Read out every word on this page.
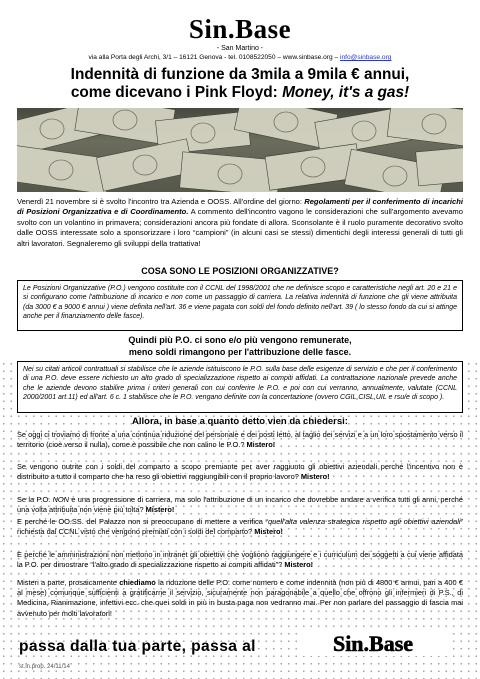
Sin.Base
- San Martino -
via alla Porta degli Archi, 3/1 – 16121 Genova - tel. 0108522050 – www.sinbase.org – info@sinbase.org
Indennità di funzione da 3mila a 9mila € annui,
come dicevano i Pink Floyd: Money, it's a gas!
Venerdì 21 novembre si è svolto l'incontro tra Azienda e OOSS. All'ordine del giorno: Regolamenti per il conferimento di incarichi di Posizioni Organizzativa e di Coordinamento. A commento dell'incontro vagono le considerazioni che sull'argomento avevamo svolto con un volantino in primavera; considerazioni ancora più fondate di allora. Sconsolante è il ruolo puramente decorativo svolto dalle OOSS interessate solo a sponsorizzare i loro “campioni” (in alcuni casi se stessi) dimentichi degli interessi generali di tutti gli altri lavoratori. Segnaleremo gli sviluppi della trattativa!
COSA SONO LE POSIZIONI ORGANIZZATIVE?
Le Posizioni Organizzative (P.O.) vengono costituite con il CCNL del 1998/2001 che ne definisce scopo e caratteristiche negli art. 20 e 21 e si configurano come l'attribuzione di incarico e non come un passaggio di carriera. La relativa indennità di funzione che gli viene attribuita (da 3000 € a 9000 € annui ) viene definita nell'art. 36 e viene pagata con soldi del fondo definito nell'art. 39 ( lo stesso fondo da cui si attinge anche per il finanziamento delle fasce).
Quindi più P.O. ci sono e/o più vengono remunerate,
meno soldi rimangono per l'attribuzione delle fasce.
Nei su citati articoli contrattuali si stabilisce che le aziende istituiscono le P.O. sulla base delle esigenze di servizio e che per il conferimento di una P.O. deve essere richiesto un alto grado di specializzazione rispetto ai compiti affidati. La contrattazione nazionale prevede anche che le aziende devono stabilire prima i criteri generali con cui conferire le P.O. e poi con cui verranno, annualmente, valutate (CCNL 2000/2001 art.11) ed all'art. 6 c. 1 stabilisce che le P.O. vengano definite con la concertazione (ovvero CGIL,CISL,UIL e rsu/e di scopo ).
Allora, in base a quanto detto vien da chiedersi:
Se oggi ci troviamo di fronte a una continua riduzione del personale e dei posti letto, al taglio dei servizi e a un loro spostamento verso il territorio (cioè verso il nulla), come è possibile che non calino le P.O.? Mistero!
Se vengono nutrite con i soldi del comparto a scopo premiante per aver raggiunto gli obiettivi aziendali perché l'incentivo non è distribuito a tutto il comparto che ha reso gli obiettivi raggiungibili con il proprio lavoro? Mistero!
Se la P.O. NON è una progressione di carriera, ma solo l'attribuzione di un incarico che dovrebbe andare a verifica tutti gli anni, perché una volta attribuita non viene più tolta? Mistero!
E perché le OO.SS. del Palazzo non si preoccupano di mettere a verifica “quell'alta valenza strategica rispetto agli obiettivi aziendali” richiesta dal CCNL visto che vengono premiati con i soldi del comparto? Mistero!
E perché le amministrazioni non mettono in intranet gli obiettivi che vogliono raggiungere e i curriculum dei soggetti a cui viene affidata la P.O. per dimostrare “l'alto grado di specializzazione rispetto ai compiti affidati”? Mistero!
Misteri a parte, prosaicamente chiediamo la riduzione delle P.O. come numero e come indennità (non più di 4800 € annui, pari a 400 € al mese) comunque sufficienti a gratificarne il servizio, sicuramente non paragonabile a quello che offrono gli infermieri di P.S., di Medicina, Rianimazione, infettivi ecc. che quei soldi in più in busta paga non vedranno mai. Per non parlare del passaggio di fascia mai avvenuto per molti lavoratori!
passa dalla tua parte, passa al	Sin.Base
st.in.prop. 24/11/14
